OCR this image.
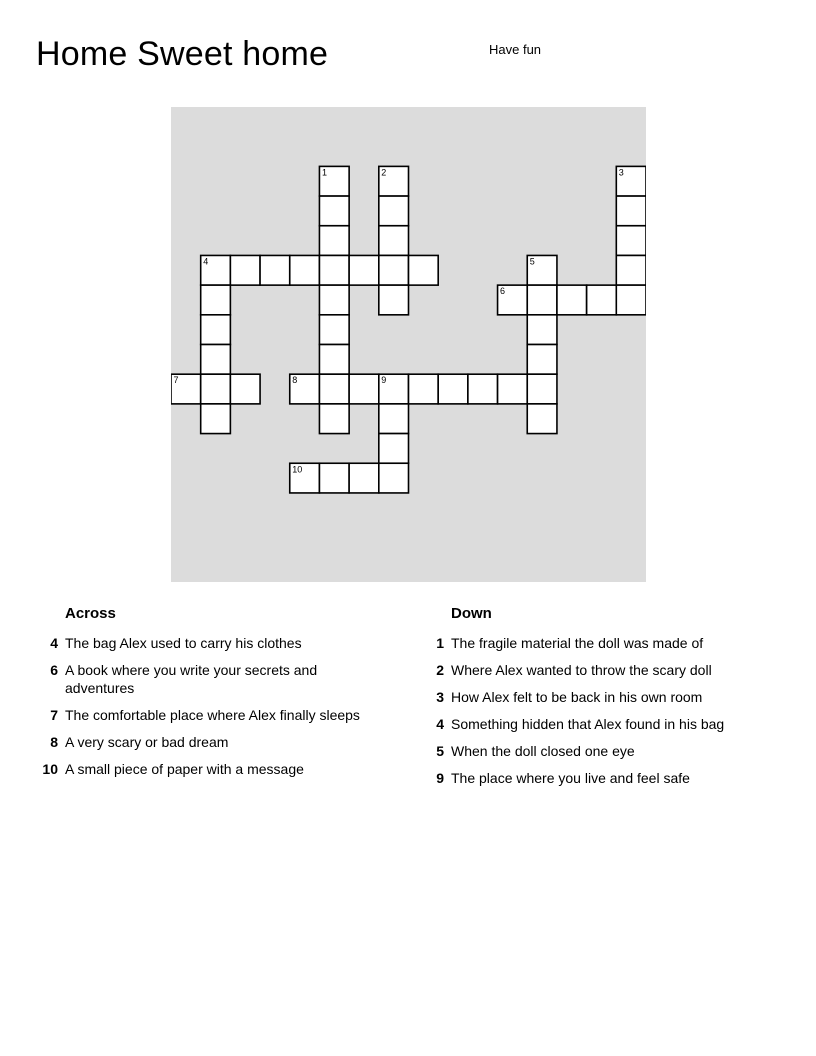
Home Sweet home	Have fun
1	2	3
4	5
6
7	8	9
10
Across
4 The bag Alex used to carry his clothes
6 A book where you write your secrets and adventures
7 The comfortable place where Alex finally sleeps
8 A very scary or bad dream
10 A small piece of paper with a message
Down
1 The fragile material the doll was made of
2 Where Alex wanted to throw the scary doll
3 How Alex felt to be back in his own room
4 Something hidden that Alex found in his bag
5 When the doll closed one eye
9 The place where you live and feel safe
